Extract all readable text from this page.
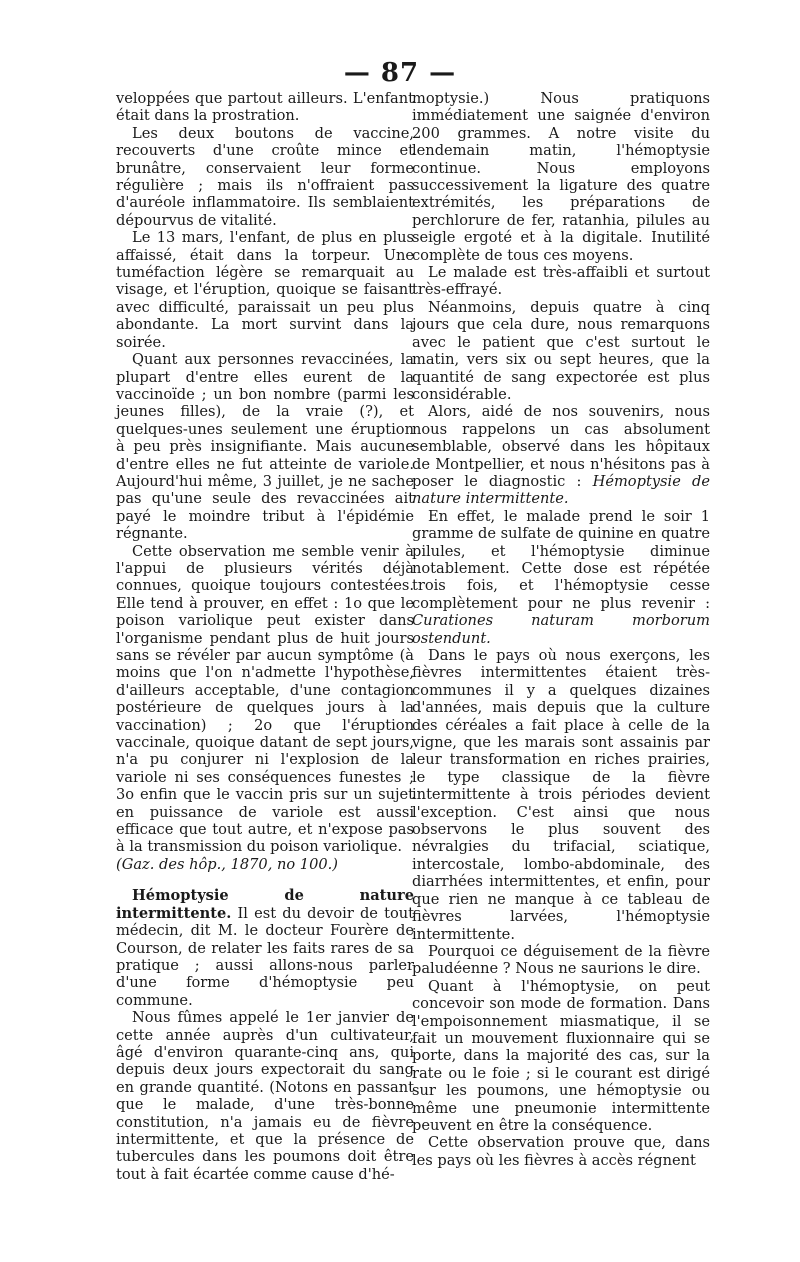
— 87 —

veloppées que partout ailleurs. L'enfant était dans la prostration.

Les deux boutons de vaccine, recouverts d'une croûte mince et brunâtre, conservaient leur forme régulière ; mais ils n'offraient pas d'auréole inflammatoire. Ils semblaient dépourvus de vitalité.

Le 13 mars, l'enfant, de plus en plus affaissé, était dans la torpeur. Une tuméfaction légère se remarquait au visage, et l'éruption, quoique se faisant avec difficulté, paraissait un peu plus abondante. La mort survint dans la soirée.

Quant aux personnes revaccinées, la plupart d'entre elles eurent de la vaccinoïde ; un bon nombre (parmi les jeunes filles), de la vraie (?), et quelques-unes seulement une éruption à peu près insignifiante. Mais aucune d'entre elles ne fut atteinte de variole. Aujourd'hui même, 3 juillet, je ne sache pas qu'une seule des revaccinées ait payé le moindre tribut à l'épidémie régnante.

Cette observation me semble venir à l'appui de plusieurs vérités déjà connues, quoique toujours contestées. Elle tend à prouver, en effet : 1o que le poison variolique peut exister dans l'organisme pendant plus de huit jours sans se révéler par aucun symptôme (à moins que l'on n'admette l'hypothèse, d'ailleurs acceptable, d'une contagion postérieure de quelques jours à la vaccination) ; 2o que l'éruption vaccinale, quoique datant de sept jours, n'a pu conjurer ni l'explosion de la variole ni ses conséquences funestes ; 3o enfin que le vaccin pris sur un sujet en puissance de variole est aussi efficace que tout autre, et n'expose pas à la transmission du poison variolique.

(Gaz. des hôp., 1870, no 100.)

Hémoptysie de nature intermittente. Il est du devoir de tout médecin, dit M. le docteur Fourère de Courson, de relater les faits rares de sa pratique ; aussi allons-nous parler d'une forme d'hémoptysie peu commune.

Nous fûmes appelé le 1er janvier de cette année auprès d'un cultivateur, âgé d'environ quarante-cinq ans, qui depuis deux jours expectorait du sang en grande quantité. (Notons en passant que le malade, d'une très-bonne constitution, n'a jamais eu de fièvre intermittente, et que la présence de tubercules dans les poumons doit être tout à fait écartée comme cause d'hé-

moptysie.) Nous pratiquons immédiatement une saignée d'environ 200 grammes. A notre visite du lendemain matin, l'hémoptysie continue. Nous employons successivement la ligature des quatre extrémités, les préparations de perchlorure de fer, ratanhia, pilules au seigle ergoté et à la digitale. Inutilité complète de tous ces moyens.

Le malade est très-affaibli et surtout très-effrayé.

Néanmoins, depuis quatre à cinq jours que cela dure, nous remarquons avec le patient que c'est surtout le matin, vers six ou sept heures, que la quantité de sang expectorée est plus considérable.

Alors, aidé de nos souvenirs, nous nous rappelons un cas absolument semblable, observé dans les hôpitaux de Montpellier, et nous n'hésitons pas à poser le diagnostic : Hémoptysie de nature intermittente.

En effet, le malade prend le soir 1 gramme de sulfate de quinine en quatre pilules, et l'hémoptysie diminue notablement. Cette dose est répétée trois fois, et l'hémoptysie cesse complètement pour ne plus revenir : Curationes naturam morborum ostendunt.

Dans le pays où nous exerçons, les fièvres intermittentes étaient très-communes il y a quelques dizaines d'années, mais depuis que la culture des céréales a fait place à celle de la vigne, que les marais sont assainis par leur transformation en riches prairies, le type classique de la fièvre intermittente à trois périodes devient l'exception. C'est ainsi que nous observons le plus souvent des névralgies du trifacial, sciatique, intercostale, lombo-abdominale, des diarrhées intermittentes, et enfin, pour que rien ne manque à ce tableau de fièvres larvées, l'hémoptysie intermittente.

Pourquoi ce déguisement de la fièvre paludéenne ? Nous ne saurions le dire.

Quant à l'hémoptysie, on peut concevoir son mode de formation. Dans l'empoisonnement miasmatique, il se fait un mouvement fluxionnaire qui se porte, dans la majorité des cas, sur la rate ou le foie ; si le courant est dirigé sur les poumons, une hémoptysie ou même une pneumonie intermittente peuvent en être la conséquence.

Cette observation prouve que, dans les pays où les fièvres à accès régnent
